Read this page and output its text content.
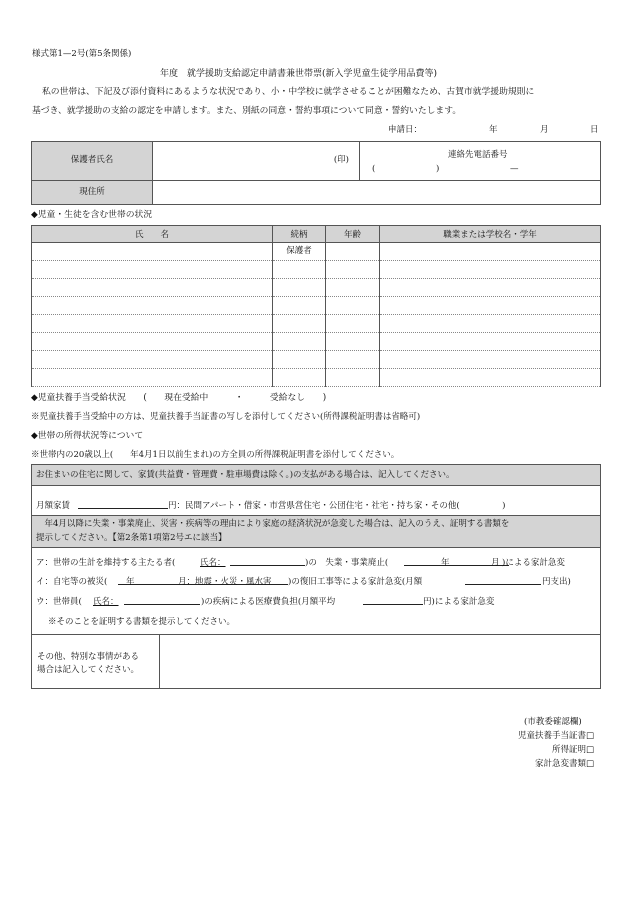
様式第1—2号(第5条関係)
年度　就学援助支給認定申請書兼世帯票(新入学児童生徒学用品費等)
私の世帯は、下記及び添付資料にあるような状況であり、小・中学校に就学させることが困難なため、古賀市就学援助規則に
基づき、就学援助の支給の認定を申請します。また、別紙の同意・誓約事項について同意・誓約いたします。
申請日：	年	月	日
保護者氏名	(印)	連絡先電話番号
( ) —

現住所		
◆児童・生徒を含む世帯の状況
氏　　名	続柄	年齢	職業または学校名・学年
	保護者		

◆児童扶養手当受給状況　　(　　現在受給中　　　・　　　受給なし　　)
※児童扶養手当受給中の方は、児童扶養手当証書の写しを添付してください(所得課税証明書は省略可)
◆世帯の所得状況等について
※世帯内の20歳以上(　　年4月1日以前生まれ)の方全員の所得課税証明書を添付してください。
お住まいの住宅に関して、家賃(共益費・管理費・駐車場費は除く。)の支払がある場合は、記入してください。
月額家賃	円：民間アパート・借家・市営県営住宅・公団住宅・社宅・持ち家・その他(　　　　　)
　年4月以降に失業・事業廃止、災害・疾病等の理由により家庭の経済状況が急変した場合は、記入のうえ、証明する書類を
提示してください。【第2条第1項第2号エに該当】
ア：世帯の生計を維持する主たる者(	氏名：	)の　失業・事業廃止(	年	月 )による家計急変
イ：自宅等の被災( 年	月：地震・火災・風水害 )の復旧工事等による家計急変(月額	円支出)
ウ：世帯員( 氏名：	)の疾病による医療費負担(月額平均	円)による家計急変
※そのことを証明する書類を提示してください。
その他、特別な事情がある
場合は記入してください。
(市教委確認欄)
児童扶養手当証書□
所得証明□
家計急変書類□
